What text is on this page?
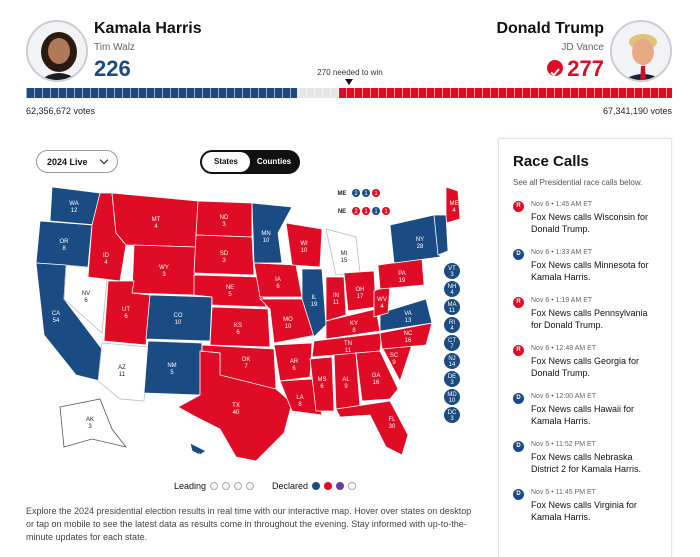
Kamala Harris
Tim Walz
226
Donald Trump
JD Vance
277
270 needed to win
62,356,672 votes	67,341,190 votes
2024 Live	States	Counties
ME 2 1 1
NE 2 1 1 1
WA
12
OR
8
CA
54
NV
6
ID
4
MT
4
WY
3
UT
6
AZ
11
CO
10
NM
5
ND
3
SD
3
NE
5
KS
6
OK
7
TX
40
MN
10
IA
6
MO
10
AR
6
LA
8
WI
10
IL
19
MI
15
IN
11
OH
17
KY
8
TN
11
MS
6
AL
9
GA
16
FL
30
SC
9
NC
16
VA
13
WV
4
PA
19
NY
28
ME
4
AK
3
HI
4
VT
3
NH
4
MA
11
RI
4
CT
7
NJ
14
DE
3
MD
10
DC
3
Leading	Declared
Explore the 2024 presidential election results in real time with our interactive map. Hover over states on desktop or tap on mobile to see the latest data as results come in throughout the evening. Stay informed with up-to-the-minute updates for each state.
Race Calls
See all Presidential race calls below.
R	Nov 6 • 1:45 AM ET
Fox News calls Wisconsin for Donald Trump.
D	Nov 6 • 1:33 AM ET
Fox News calls Minnesota for Kamala Harris.
R	Nov 6 • 1:19 AM ET
Fox News calls Pennsylvania for Donald Trump.
R	Nov 6 • 12:48 AM ET
Fox News calls Georgia for Donald Trump.
D	Nov 6 • 12:00 AM ET
Fox News calls Hawaii for Kamala Harris.
D	Nov 5 • 11:52 PM ET
Fox News calls Nebraska District 2 for Kamala Harris.
D	Nov 5 • 11:45 PM ET
Fox News calls Virginia for Kamala Harris.
